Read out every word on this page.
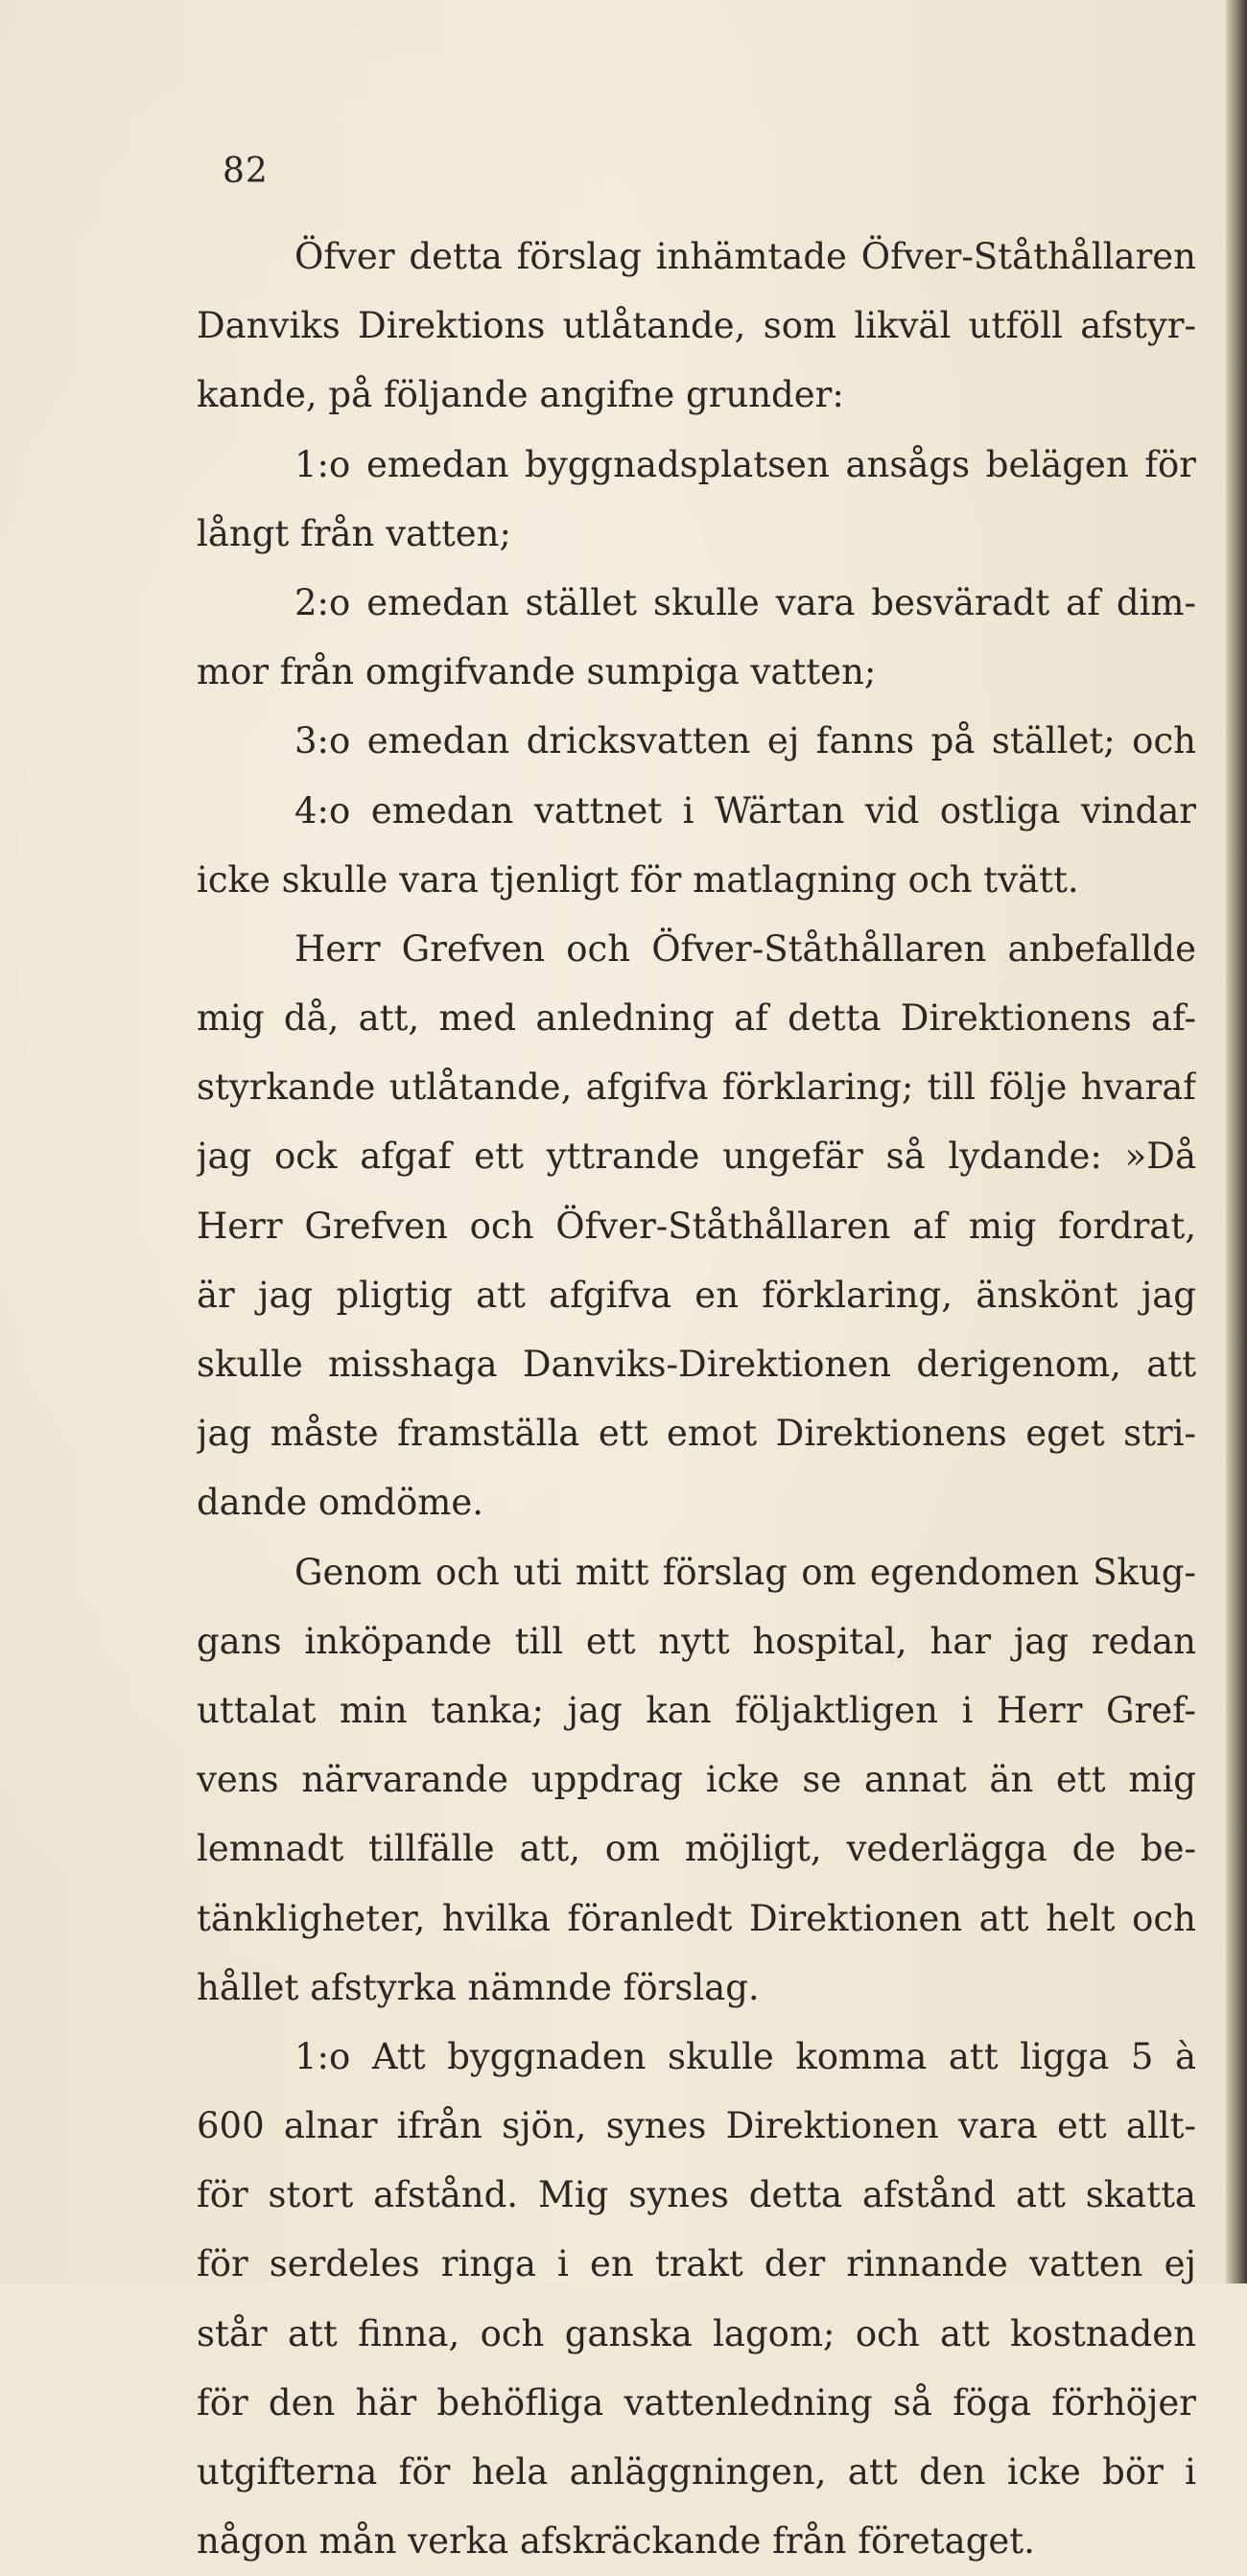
82
Öfver detta förslag inhämtade Öfver-Ståthållaren
Danviks Direktions utlåtande, som likväl utföll afstyr-
kande, på följande angifne grunder:
1:o emedan byggnadsplatsen ansågs belägen för
långt från vatten;
2:o emedan stället skulle vara besväradt af dim-
mor från omgifvande sumpiga vatten;
3:o emedan dricksvatten ej fanns på stället; och
4:o emedan vattnet i Wärtan vid ostliga vindar
icke skulle vara tjenligt för matlagning och tvätt.
Herr Grefven och Öfver-Ståthållaren anbefallde
mig då, att, med anledning af detta Direktionens af-
styrkande utlåtande, afgifva förklaring; till följe hvaraf
jag ock afgaf ett yttrande ungefär så lydande: »Då
Herr Grefven och Öfver-Ståthållaren af mig fordrat,
är jag pligtig att afgifva en förklaring, änskönt jag
skulle misshaga Danviks-Direktionen derigenom, att
jag måste framställa ett emot Direktionens eget stri-
dande omdöme.
Genom och uti mitt förslag om egendomen Skug-
gans inköpande till ett nytt hospital, har jag redan
uttalat min tanka; jag kan följaktligen i Herr Gref-
vens närvarande uppdrag icke se annat än ett mig
lemnadt tillfälle att, om möjligt, vederlägga de be-
tänkligheter, hvilka föranledt Direktionen att helt och
hållet afstyrka nämnde förslag.
1:o Att byggnaden skulle komma att ligga 5 à
600 alnar ifrån sjön, synes Direktionen vara ett allt-
för stort afstånd. Mig synes detta afstånd att skatta
för serdeles ringa i en trakt der rinnande vatten ej
står att finna, och ganska lagom; och att kostnaden
för den här behöfliga vattenledning så föga förhöjer
utgifterna för hela anläggningen, att den icke bör i
någon mån verka afskräckande från företaget.
